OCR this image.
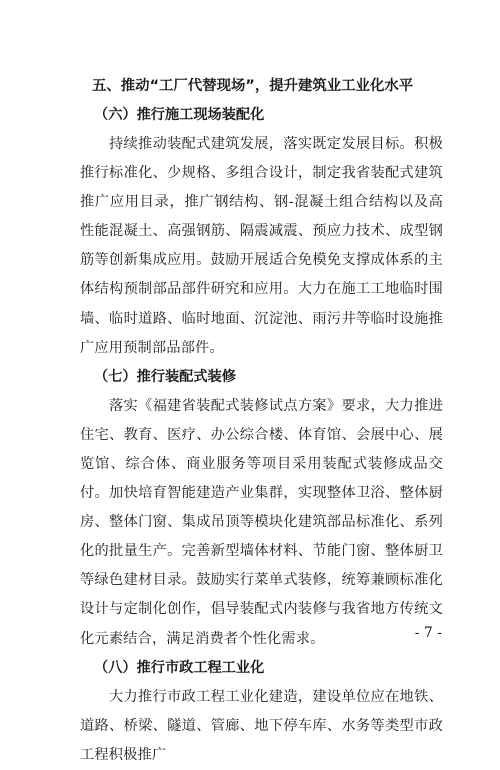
五、推动“工厂代替现场”，提升建筑业工业化水平
（六）推行施工现场装配化

持续推动装配式建筑发展，落实既定发展目标。积极推行标准化、少规格、多组合设计，制定我省装配式建筑推广应用目录，推广钢结构、钢-混凝土组合结构以及高性能混凝土、高强钢筋、隔震减震、预应力技术、成型钢筋等创新集成应用。鼓励开展适合免模免支撑成体系的主体结构预制部品部件研究和应用。大力在施工工地临时围墙、临时道路、临时地面、沉淀池、雨污井等临时设施推广应用预制部品部件。

（七）推行装配式装修

落实《福建省装配式装修试点方案》要求，大力推进住宅、教育、医疗、办公综合楼、体育馆、会展中心、展览馆、综合体、商业服务等项目采用装配式装修成品交付。加快培育智能建造产业集群，实现整体卫浴、整体厨房、整体门窗、集成吊顶等模块化建筑部品标准化、系列化的批量生产。完善新型墙体材料、节能门窗、整体厨卫等绿色建材目录。鼓励实行菜单式装修，统筹兼顾标准化设计与定制化创作，倡导装配式内装修与我省地方传统文化元素结合，满足消费者个性化需求。

（八）推行市政工程工业化

大力推行市政工程工业化建造，建设单位应在地铁、道路、桥梁、隧道、管廊、地下停车库、水务等类型市政工程积极推广

- 7 -
